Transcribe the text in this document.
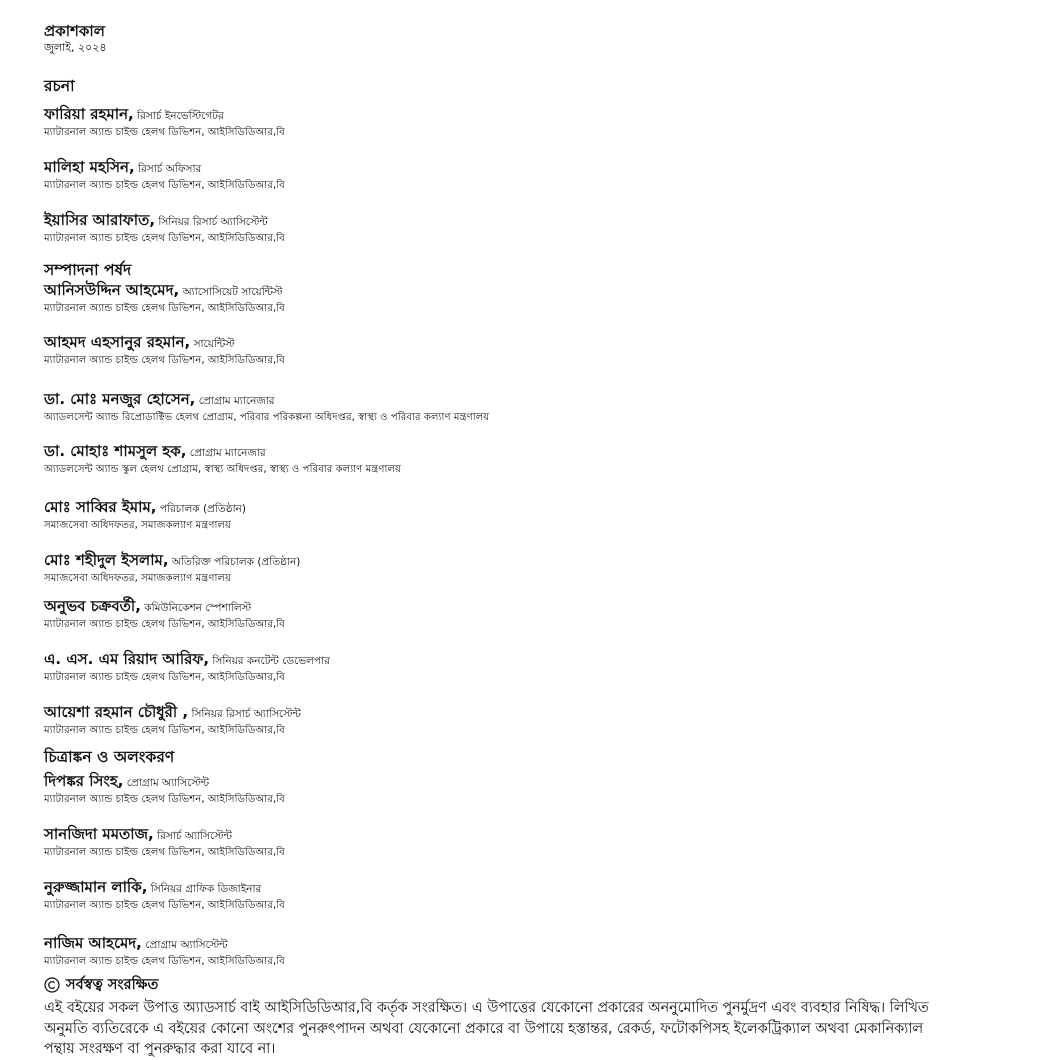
প্রকাশকাল
জুলাই, ২০২৪
রচনা
ফারিয়া রহমান, রিসার্চ ইনভেস্টিগেটর
ম্যাটারনাল অ্যান্ড চাইল্ড হেলথ ডিভিশন, আইসিডিডিআর,বি
মালিহা মহসিন, রিসার্চ অফিসার
ম্যাটারনাল অ্যান্ড চাইল্ড হেলথ ডিভিশন, আইসিডিডিআর,বি
ইয়াসির আরাফাত, সিনিয়র রিসার্চ অ্যাসিস্টেন্ট
ম্যাটারনাল অ্যান্ড চাইল্ড হেলথ ডিভিশন, আইসিডিডিআর,বি
সম্পাদনা পর্ষদ
আনিসউদ্দিন আহমেদ, অ্যাসোসিয়েট সায়েন্টিস্ট
ম্যাটারনাল অ্যান্ড চাইল্ড হেলথ ডিভিশন, আইসিডিডিআর,বি
আহমদ এহসানুর রহমান, সায়েন্টিস্ট
ম্যাটারনাল অ্যান্ড চাইল্ড হেলথ ডিভিশন, আইসিডিডিআর,বি
ডা. মোঃ মনজুর হোসেন, প্রোগ্রাম ম্যানেজার
অ্যাডলসেন্ট অ্যান্ড রিপ্রোডাক্টিভ হেলথ প্রোগ্রাম, পরিবার পরিকল্পনা অধিদপ্তর, স্বাস্থ্য ও পরিবার কল্যাণ মন্ত্রণালয়
ডা. মোহাঃ শামসুল হক, প্রোগ্রাম ম্যানেজার
অ্যাডলসেন্ট অ্যান্ড স্কুল হেলথ প্রোগ্রাম, স্বাস্থ্য অধিদপ্তর, স্বাস্থ্য ও পরিবার কল্যাণ মন্ত্রণালয়
মোঃ সাব্বির ইমাম, পরিচালক (প্রতিষ্ঠান)
সমাজসেবা অধিদফতর, সমাজকল্যাণ মন্ত্রণালয়
মোঃ শহীদুল ইসলাম, অতিরিক্ত পরিচালক (প্রতিষ্ঠান)
সমাজসেবা অধিদফতর, সমাজকল্যাণ মন্ত্রণালয়
অনুভব চক্রবর্তী, কমিউনিকেশন স্পেশালিস্ট
ম্যাটারনাল অ্যান্ড চাইল্ড হেলথ ডিভিশন, আইসিডিডিআর,বি
এ. এস. এম রিয়াদ আরিফ, সিনিয়র কনটেন্ট ডেভেলপার
ম্যাটারনাল অ্যান্ড চাইল্ড হেলথ ডিভিশন, আইসিডিডিআর,বি
আয়েশা রহমান চৌধুরী , সিনিয়র রিসার্চ অ্যাসিস্টেন্ট
ম্যাটারনাল অ্যান্ড চাইল্ড হেলথ ডিভিশন, আইসিডিডিআর,বি
চিত্রাঙ্কন ও অলংকরণ
দিপঙ্কর সিংহ, প্রোগ্রাম অ্যাসিস্টেন্ট
ম্যাটারনাল অ্যান্ড চাইল্ড হেলথ ডিভিশন, আইসিডিডিআর,বি
সানজিদা মমতাজ, রিসার্চ অ্যাসিস্টেন্ট
ম্যাটারনাল অ্যান্ড চাইল্ড হেলথ ডিভিশন, আইসিডিডিআর,বি
নুরুজ্জামান লাকি, সিনিয়র গ্রাফিক ডিজাইনার
ম্যাটারনাল অ্যান্ড চাইল্ড হেলথ ডিভিশন, আইসিডিডিআর,বি
নাজিম আহমেদ, প্রোগ্রাম অ্যাসিস্টেন্ট
ম্যাটারনাল অ্যান্ড চাইল্ড হেলথ ডিভিশন, আইসিডিডিআর,বি
সর্বস্বত্ব সংরক্ষিত
এই বইয়ের সকল উপাত্ত অ্যাডসার্চ বাই আইসিডিডিআর,বি কর্তৃক সংরক্ষিত। এ উপাত্তের যেকোনো প্রকারের অননুমোদিত পুনর্মুদ্রণ এবং ব্যবহার নিষিদ্ধ। লিখিত অনুমতি ব্যতিরেকে এ বইয়ের কোনো অংশের পুনরুৎপাদন অথবা যেকোনো প্রকারে বা উপায়ে হস্তান্তর, রেকর্ড, ফটোকপিসহ ইলেকট্রিক্যাল অথবা মেকানিক্যাল পন্থায় সংরক্ষণ বা পুনরুদ্ধার করা যাবে না।
